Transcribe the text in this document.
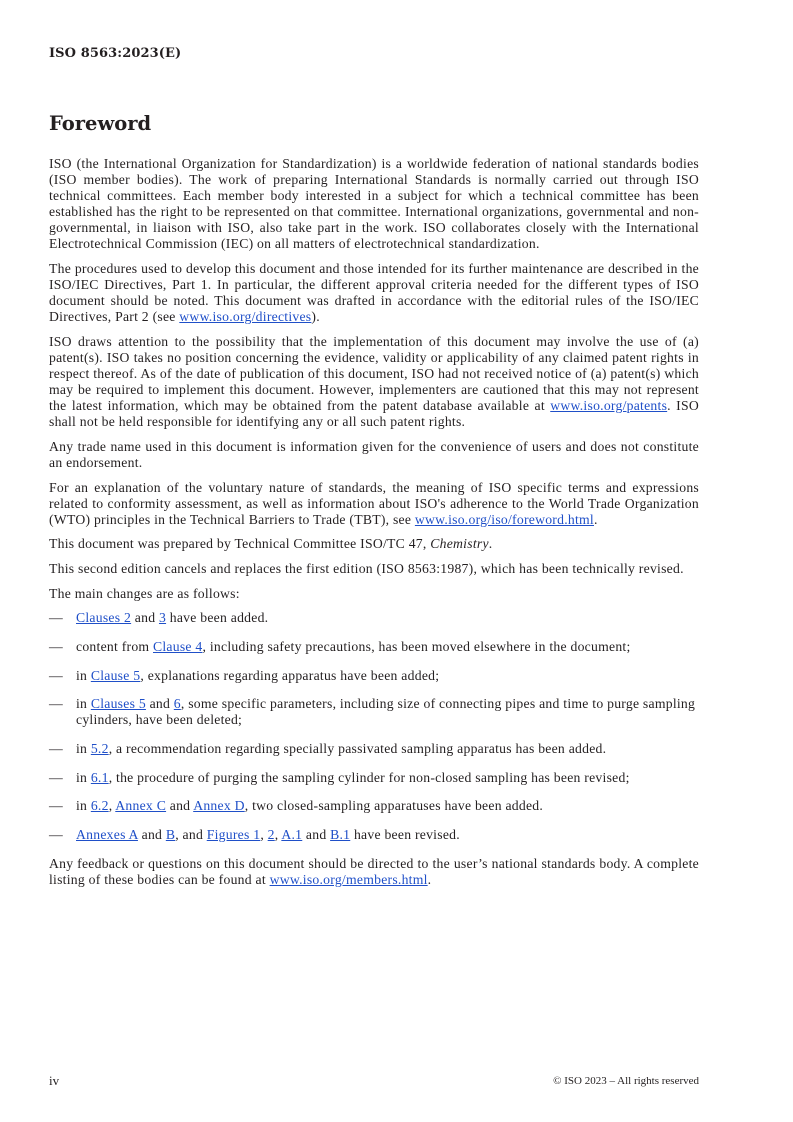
ISO 8563:2023(E)
Foreword

ISO (the International Organization for Standardization) is a worldwide federation of national standards bodies (ISO member bodies). The work of preparing International Standards is normally carried out through ISO technical committees. Each member body interested in a subject for which a technical committee has been established has the right to be represented on that committee. International organizations, governmental and non-governmental, in liaison with ISO, also take part in the work. ISO collaborates closely with the International Electrotechnical Commission (IEC) on all matters of electrotechnical standardization.

The procedures used to develop this document and those intended for its further maintenance are described in the ISO/IEC Directives, Part 1. In particular, the different approval criteria needed for the different types of ISO document should be noted. This document was drafted in accordance with the editorial rules of the ISO/IEC Directives, Part 2 (see www.iso.org/directives).

ISO draws attention to the possibility that the implementation of this document may involve the use of (a) patent(s). ISO takes no position concerning the evidence, validity or applicability of any claimed patent rights in respect thereof. As of the date of publication of this document, ISO had not received notice of (a) patent(s) which may be required to implement this document. However, implementers are cautioned that this may not represent the latest information, which may be obtained from the patent database available at www.iso.org/patents. ISO shall not be held responsible for identifying any or all such patent rights.

Any trade name used in this document is information given for the convenience of users and does not constitute an endorsement.

For an explanation of the voluntary nature of standards, the meaning of ISO specific terms and expressions related to conformity assessment, as well as information about ISO's adherence to the World Trade Organization (WTO) principles in the Technical Barriers to Trade (TBT), see www.iso.org/iso/foreword.html.

This document was prepared by Technical Committee ISO/TC 47, Chemistry.

This second edition cancels and replaces the first edition (ISO 8563:1987), which has been technically revised.

The main changes are as follows:

— Clauses 2 and 3 have been added.
— content from Clause 4, including safety precautions, has been moved elsewhere in the document;
— in Clause 5, explanations regarding apparatus have been added;
— in Clauses 5 and 6, some specific parameters, including size of connecting pipes and time to purge sampling cylinders, have been deleted;
— in 5.2, a recommendation regarding specially passivated sampling apparatus has been added.
— in 6.1, the procedure of purging the sampling cylinder for non-closed sampling has been revised;
— in 6.2, Annex C and Annex D, two closed-sampling apparatuses have been added.
— Annexes A and B, and Figures 1, 2, A.1 and B.1 have been revised.

Any feedback or questions on this document should be directed to the user’s national standards body. A complete listing of these bodies can be found at www.iso.org/members.html.

iv	© ISO 2023 – All rights reserved
